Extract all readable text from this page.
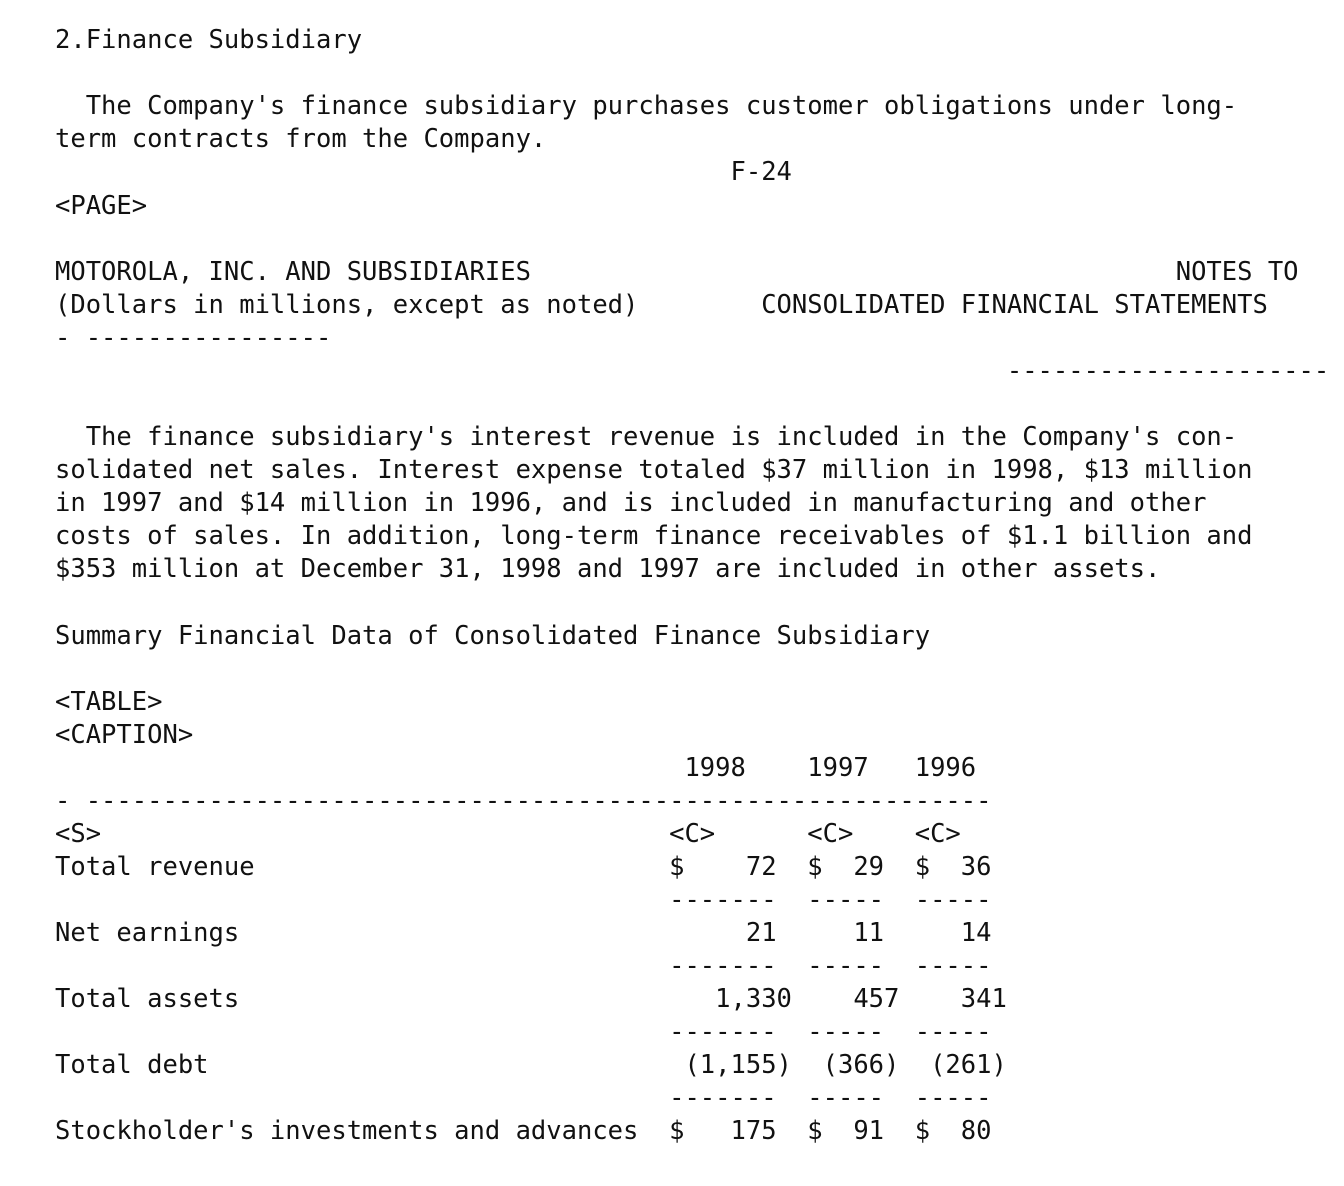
2.Finance Subsidiary
The Company's finance subsidiary purchases customer obligations under long-
term contracts from the Company.
F-24
<PAGE>
MOTOROLA, INC. AND SUBSIDIARIES                                          NOTES TO
(Dollars in millions, except as noted)        CONSOLIDATED FINANCIAL STATEMENTS
- ----------------
---------------------
The finance subsidiary's interest revenue is included in the Company's con-
solidated net sales. Interest expense totaled $37 million in 1998, $13 million
in 1997 and $14 million in 1996, and is included in manufacturing and other
costs of sales. In addition, long-term finance receivables of $1.1 billion and
$353 million at December 31, 1998 and 1997 are included in other assets.
Summary Financial Data of Consolidated Finance Subsidiary
<TABLE>
<CAPTION>
1998    1997   1996
- -----------------------------------------------------------
<S>                                     <C>      <C>    <C>
Total revenue                           $    72  $  29  $  36
-------  -----  -----
Net earnings                                 21     11     14
-------  -----  -----
Total assets                               1,330    457    341
-------  -----  -----
Total debt                               (1,155)  (366)  (261)
-------  -----  -----
Stockholder's investments and advances  $   175  $  91  $  80
